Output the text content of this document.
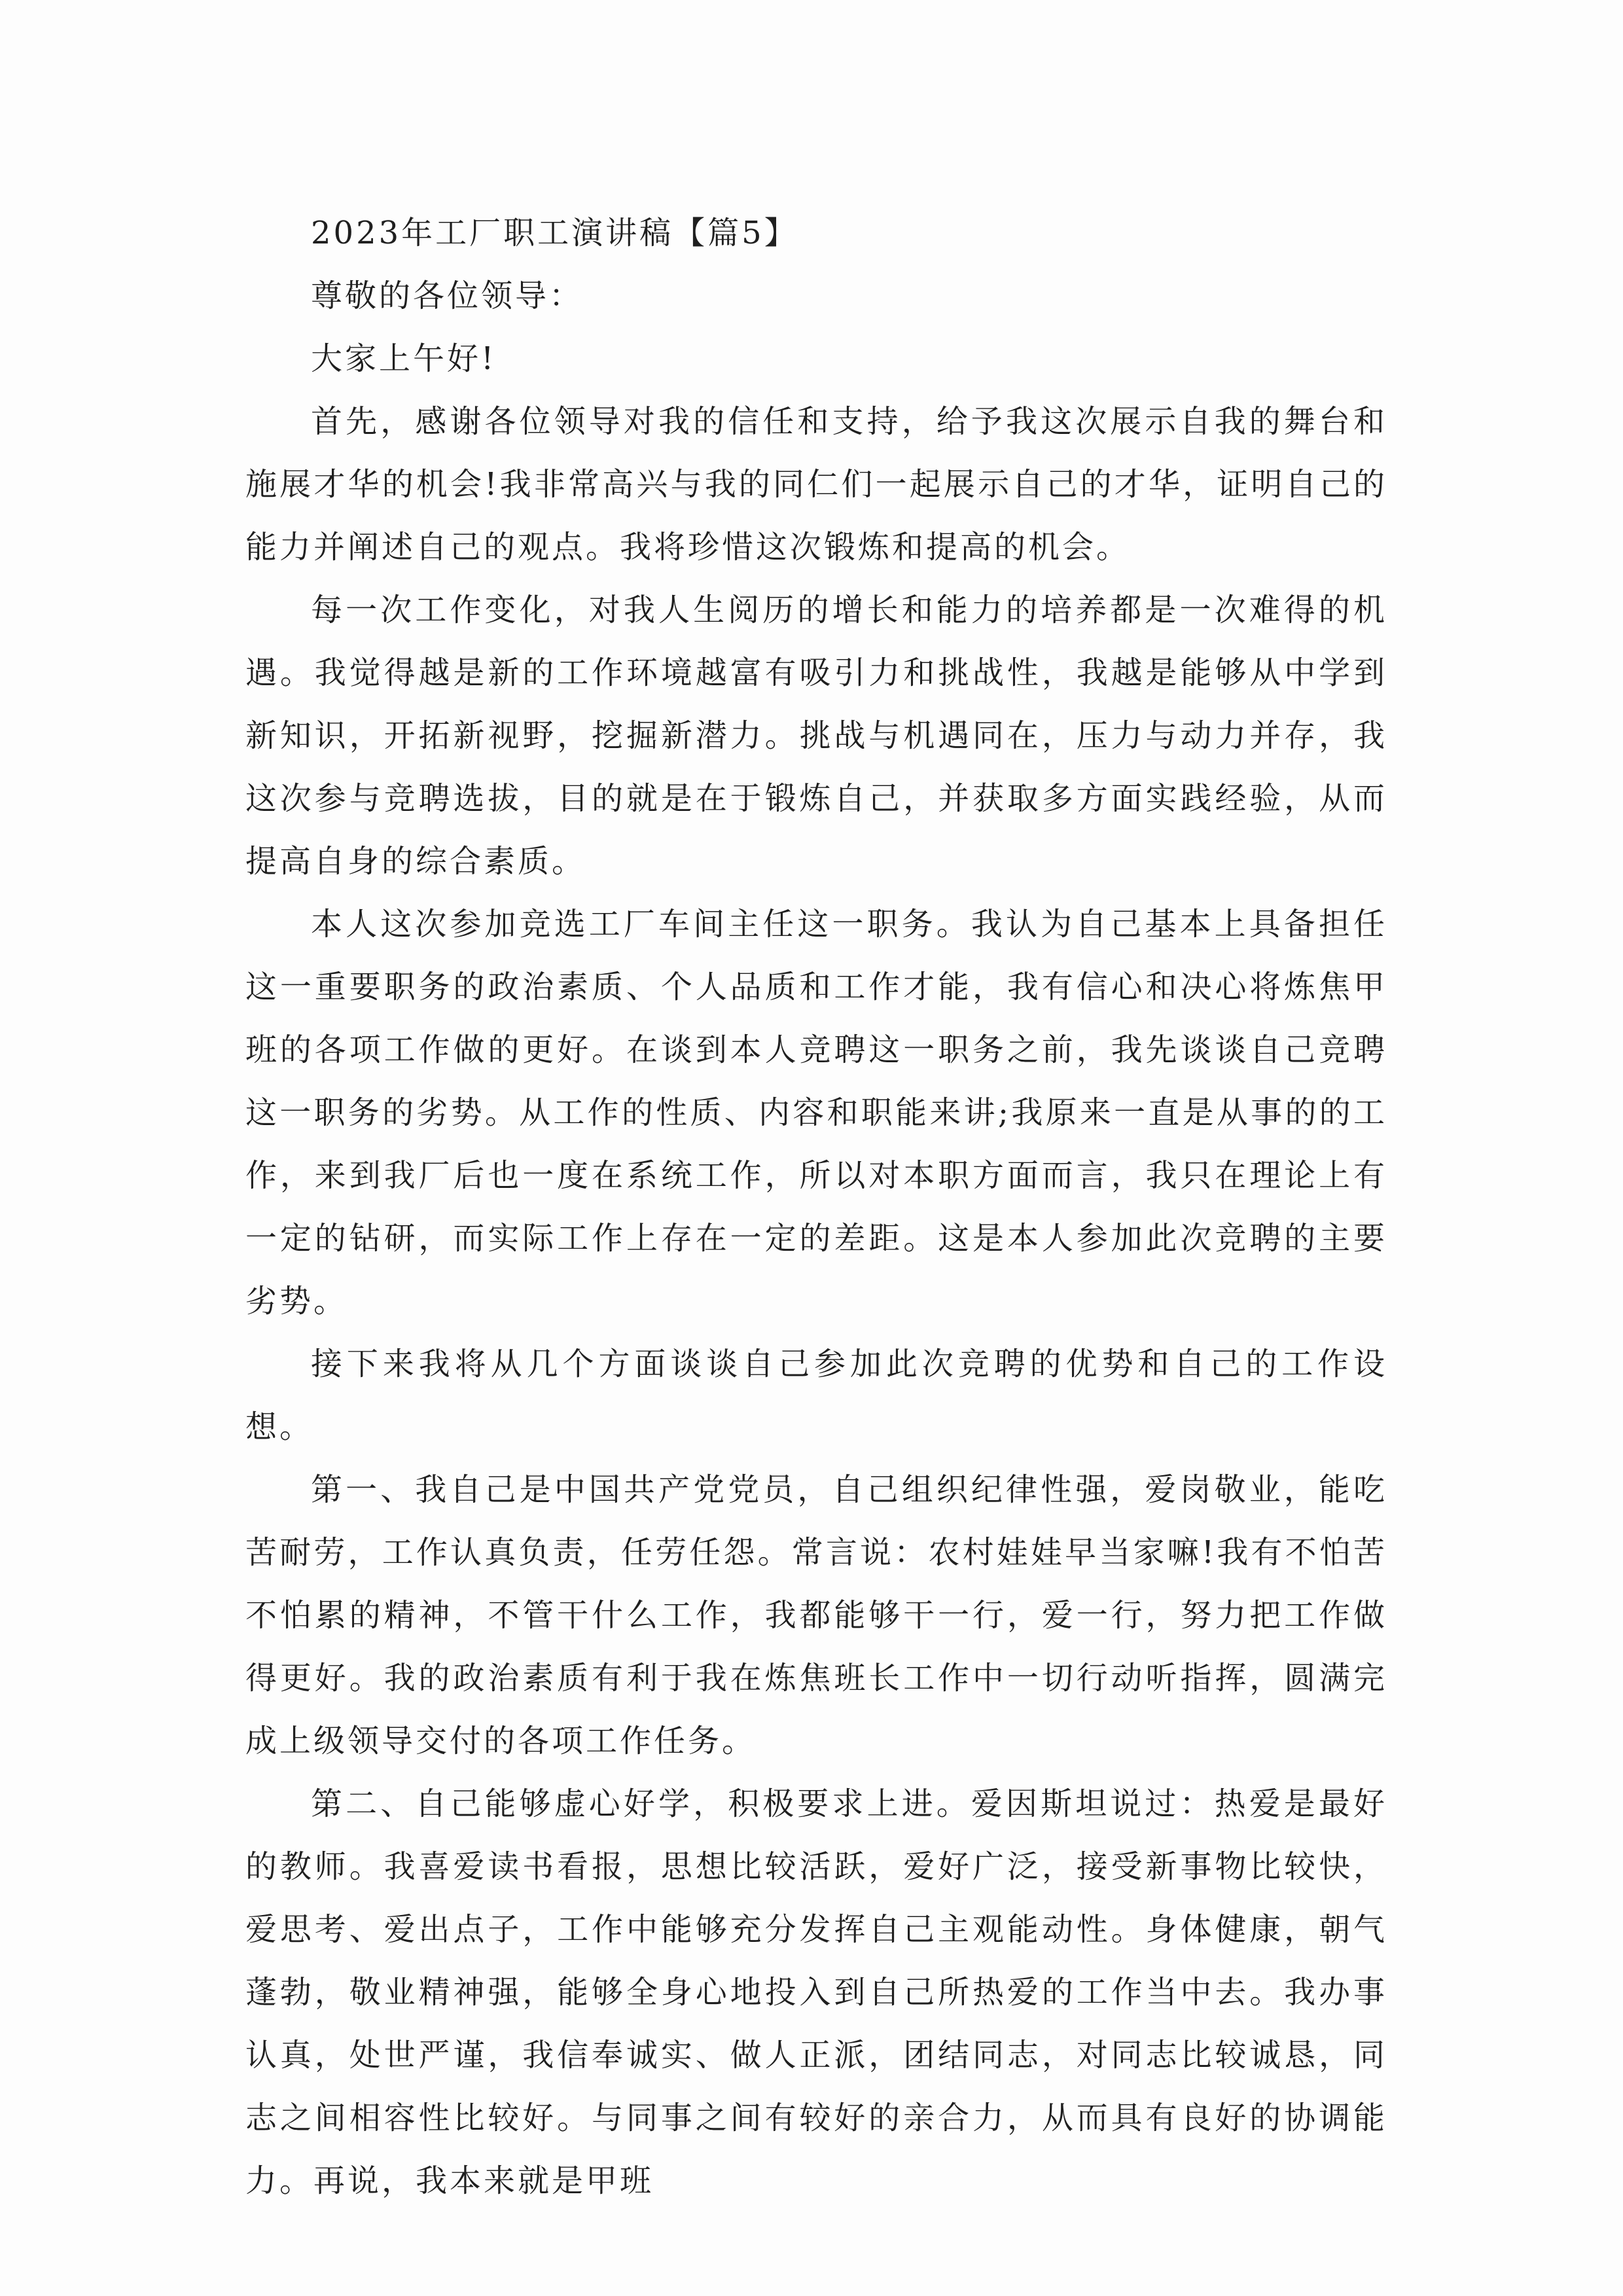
2023年工厂职工演讲稿【篇5】

尊敬的各位领导：

大家上午好!

首先，感谢各位领导对我的信任和支持，给予我这次展示自我的舞台和施展才华的机会!我非常高兴与我的同仁们一起展示自己的才华，证明自己的能力并阐述自己的观点。我将珍惜这次锻炼和提高的机会。

每一次工作变化，对我人生阅历的增长和能力的培养都是一次难得的机遇。我觉得越是新的工作环境越富有吸引力和挑战性，我越是能够从中学到新知识，开拓新视野，挖掘新潜力。挑战与机遇同在，压力与动力并存，我这次参与竞聘选拔，目的就是在于锻炼自己，并获取多方面实践经验，从而提高自身的综合素质。

本人这次参加竞选工厂车间主任这一职务。我认为自己基本上具备担任这一重要职务的政治素质、个人品质和工作才能，我有信心和决心将炼焦甲班的各项工作做的更好。在谈到本人竞聘这一职务之前，我先谈谈自己竞聘这一职务的劣势。从工作的性质、内容和职能来讲;我原来一直是从事的的工作，来到我厂后也一度在系统工作，所以对本职方面而言，我只在理论上有一定的钻研，而实际工作上存在一定的差距。这是本人参加此次竞聘的主要劣势。

接下来我将从几个方面谈谈自己参加此次竞聘的优势和自己的工作设想。

第一、我自己是中国共产党党员，自己组织纪律性强，爱岗敬业，能吃苦耐劳，工作认真负责，任劳任怨。常言说：农村娃娃早当家嘛!我有不怕苦不怕累的精神，不管干什么工作，我都能够干一行，爱一行，努力把工作做得更好。我的政治素质有利于我在炼焦班长工作中一切行动听指挥，圆满完成上级领导交付的各项工作任务。

第二、自己能够虚心好学，积极要求上进。爱因斯坦说过：热爱是最好的教师。我喜爱读书看报，思想比较活跃，爱好广泛，接受新事物比较快，爱思考、爱出点子，工作中能够充分发挥自己主观能动性。身体健康，朝气蓬勃，敬业精神强，能够全身心地投入到自己所热爱的工作当中去。我办事认真，处世严谨，我信奉诚实、做人正派，团结同志，对同志比较诚恳，同志之间相容性比较好。与同事之间有较好的亲合力，从而具有良好的协调能力。再说，我本来就是甲班
